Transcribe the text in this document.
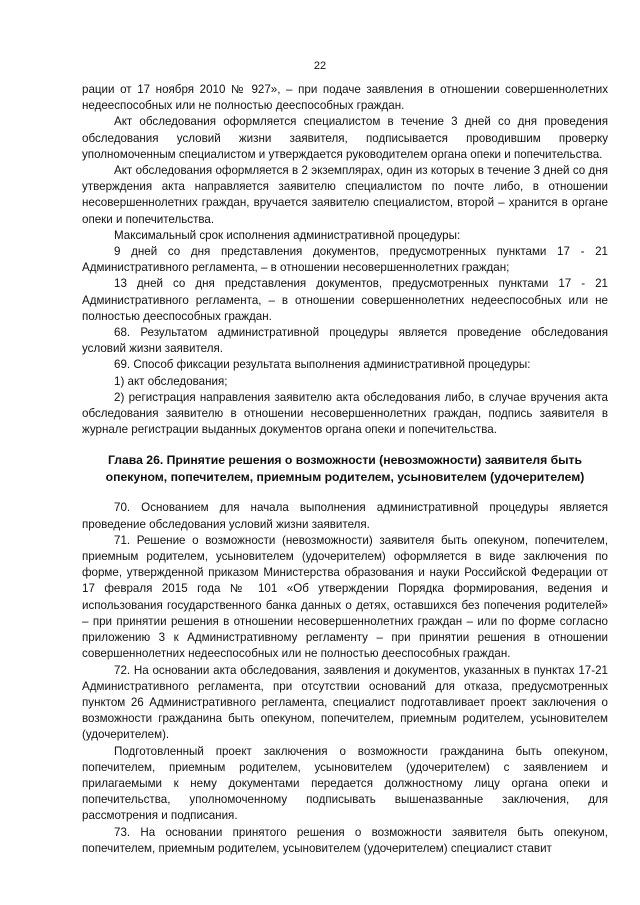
22

рации от 17 ноября 2010 № 927», – при подаче заявления в отношении совершеннолетних недееспособных или не полностью дееспособных граждан.

Акт обследования оформляется специалистом в течение 3 дней со дня проведения обследования условий жизни заявителя, подписывается проводившим проверку уполномоченным специалистом и утверждается руководителем органа опеки и попечительства.

Акт обследования оформляется в 2 экземплярах, один из которых в течение 3 дней со дня утверждения акта направляется заявителю специалистом по почте либо, в отношении несовершеннолетних граждан, вручается заявителю специалистом, второй – хранится в органе опеки и попечительства.

Максимальный срок исполнения административной процедуры:

9 дней со дня представления документов, предусмотренных пунктами 17 - 21 Административного регламента, – в отношении несовершеннолетних граждан;

13 дней со дня представления документов, предусмотренных пунктами 17 - 21 Административного регламента, – в отношении совершеннолетних недееспособных или не полностью дееспособных граждан.

68. Результатом административной процедуры является проведение обследования условий жизни заявителя.

69. Способ фиксации результата выполнения административной процедуры:

1) акт обследования;

2) регистрация направления заявителю акта обследования либо, в случае вручения акта обследования заявителю в отношении несовершеннолетних граждан, подпись заявителя в журнале регистрации выданных документов органа опеки и попечительства.

Глава 26. Принятие решения о возможности (невозможности) заявителя быть опекуном, попечителем, приемным родителем, усыновителем (удочерителем)

70. Основанием для начала выполнения административной процедуры является проведение обследования условий жизни заявителя.

71. Решение о возможности (невозможности) заявителя быть опекуном, попечителем, приемным родителем, усыновителем (удочерителем) оформляется в виде заключения по форме, утвержденной приказом Министерства образования и науки Российской Федерации от 17 февраля 2015 года № 101 «Об утверждении Порядка формирования, ведения и использования государственного банка данных о детях, оставшихся без попечения родителей» – при принятии решения в отношении несовершеннолетних граждан – или по форме согласно приложению 3 к Административному регламенту – при принятии решения в отношении совершеннолетних недееспособных или не полностью дееспособных граждан.

72. На основании акта обследования, заявления и документов, указанных в пунктах 17-21 Административного регламента, при отсутствии оснований для отказа, предусмотренных пунктом 26 Административного регламента, специалист подготавливает проект заключения о возможности гражданина быть опекуном, попечителем, приемным родителем, усыновителем (удочерителем).

Подготовленный проект заключения о возможности гражданина быть опекуном, попечителем, приемным родителем, усыновителем (удочерителем) с заявлением и прилагаемыми к нему документами передается должностному лицу органа опеки и попечительства, уполномоченному подписывать вышеназванные заключения, для рассмотрения и подписания.

73. На основании принятого решения о возможности заявителя быть опекуном, попечителем, приемным родителем, усыновителем (удочерителем) специалист ставит
